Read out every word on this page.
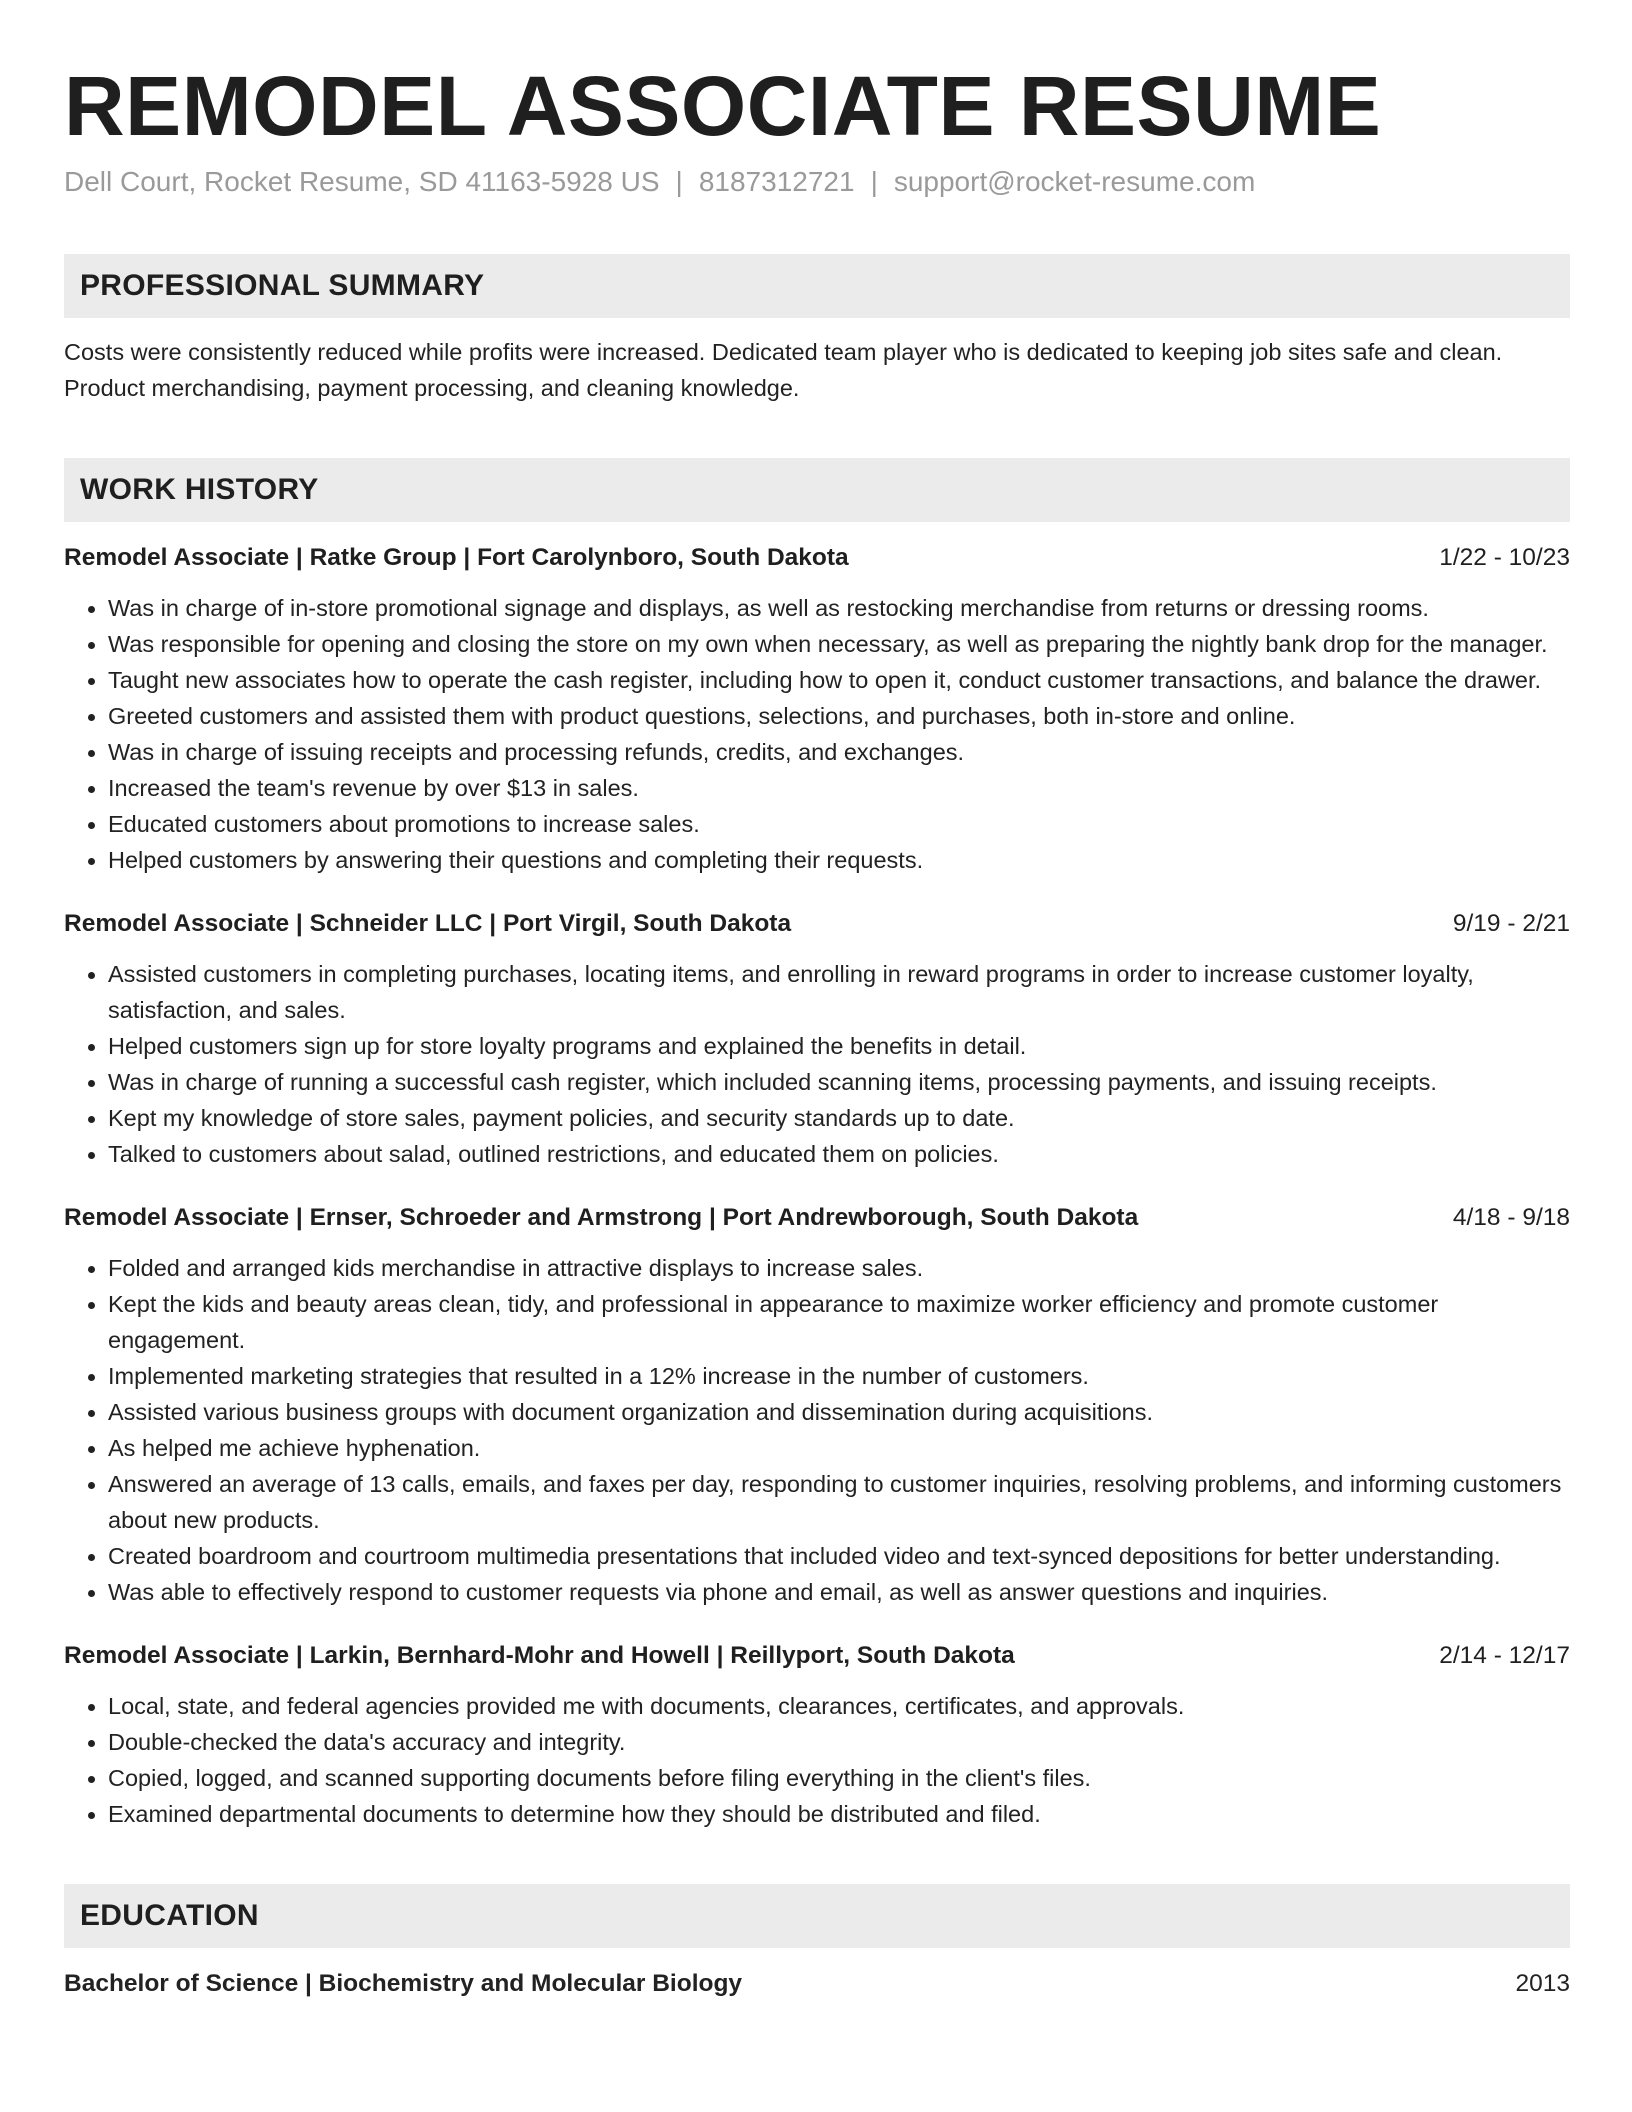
REMODEL ASSOCIATE RESUME
Dell Court, Rocket Resume, SD 41163-5928 US | 8187312721 | support@rocket-resume.com
PROFESSIONAL SUMMARY
Costs were consistently reduced while profits were increased. Dedicated team player who is dedicated to keeping job sites safe and clean. Product merchandising, payment processing, and cleaning knowledge.
WORK HISTORY
Remodel Associate | Ratke Group | Fort Carolynboro, South Dakota	1/22 - 10/23
• Was in charge of in-store promotional signage and displays, as well as restocking merchandise from returns or dressing rooms.
• Was responsible for opening and closing the store on my own when necessary, as well as preparing the nightly bank drop for the manager.
• Taught new associates how to operate the cash register, including how to open it, conduct customer transactions, and balance the drawer.
• Greeted customers and assisted them with product questions, selections, and purchases, both in-store and online.
• Was in charge of issuing receipts and processing refunds, credits, and exchanges.
• Increased the team's revenue by over $13 in sales.
• Educated customers about promotions to increase sales.
• Helped customers by answering their questions and completing their requests.
Remodel Associate | Schneider LLC | Port Virgil, South Dakota	9/19 - 2/21
• Assisted customers in completing purchases, locating items, and enrolling in reward programs in order to increase customer loyalty, satisfaction, and sales.
• Helped customers sign up for store loyalty programs and explained the benefits in detail.
• Was in charge of running a successful cash register, which included scanning items, processing payments, and issuing receipts.
• Kept my knowledge of store sales, payment policies, and security standards up to date.
• Talked to customers about salad, outlined restrictions, and educated them on policies.
Remodel Associate | Ernser, Schroeder and Armstrong | Port Andrewborough, South Dakota	4/18 - 9/18
• Folded and arranged kids merchandise in attractive displays to increase sales.
• Kept the kids and beauty areas clean, tidy, and professional in appearance to maximize worker efficiency and promote customer engagement.
• Implemented marketing strategies that resulted in a 12% increase in the number of customers.
• Assisted various business groups with document organization and dissemination during acquisitions.
• As helped me achieve hyphenation.
• Answered an average of 13 calls, emails, and faxes per day, responding to customer inquiries, resolving problems, and informing customers about new products.
• Created boardroom and courtroom multimedia presentations that included video and text-synced depositions for better understanding.
• Was able to effectively respond to customer requests via phone and email, as well as answer questions and inquiries.
Remodel Associate | Larkin, Bernhard-Mohr and Howell | Reillyport, South Dakota	2/14 - 12/17
• Local, state, and federal agencies provided me with documents, clearances, certificates, and approvals.
• Double-checked the data's accuracy and integrity.
• Copied, logged, and scanned supporting documents before filing everything in the client's files.
• Examined departmental documents to determine how they should be distributed and filed.
EDUCATION
Bachelor of Science | Biochemistry and Molecular Biology	2013
